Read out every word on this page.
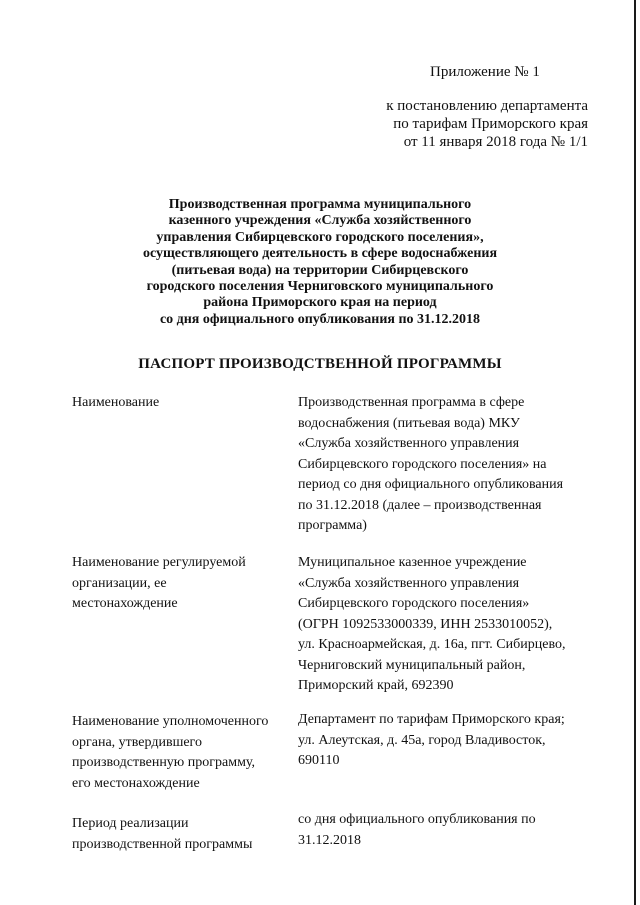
Приложение № 1
к постановлению департамента
по тарифам Приморского края
от 11 января 2018 года № 1/1
Производственная программа муниципального
казенного учреждения «Служба хозяйственного
управления Сибирцевского городского поселения»,
осуществляющего деятельность в сфере водоснабжения
(питьевая вода) на территории Сибирцевского
городского поселения Черниговского муниципального
района Приморского края на период
со дня официального опубликования по 31.12.2018
ПАСПОРТ ПРОИЗВОДСТВЕННОЙ ПРОГРАММЫ
Наименование	Производственная программа в сфере
водоснабжения (питьевая вода) МКУ
«Служба хозяйственного управления
Сибирцевского городского поселения» на
период со дня официального опубликования
по 31.12.2018 (далее – производственная
программа)
Наименование регулируемой
организации, ее
местонахождение
Муниципальное казенное учреждение
«Служба хозяйственного управления
Сибирцевского городского поселения»
(ОГРН 1092533000339, ИНН 2533010052),
ул. Красноармейская, д. 16а, пгт. Сибирцево,
Черниговский муниципальный район,
Приморский край, 692390
Наименование уполномоченного
органа, утвердившего
производственную программу,
его местонахождение
Департамент по тарифам Приморского края;
ул. Алеутская, д. 45а, город Владивосток,
690110
Период реализации
производственной программы
со дня официального опубликования по
31.12.2018
